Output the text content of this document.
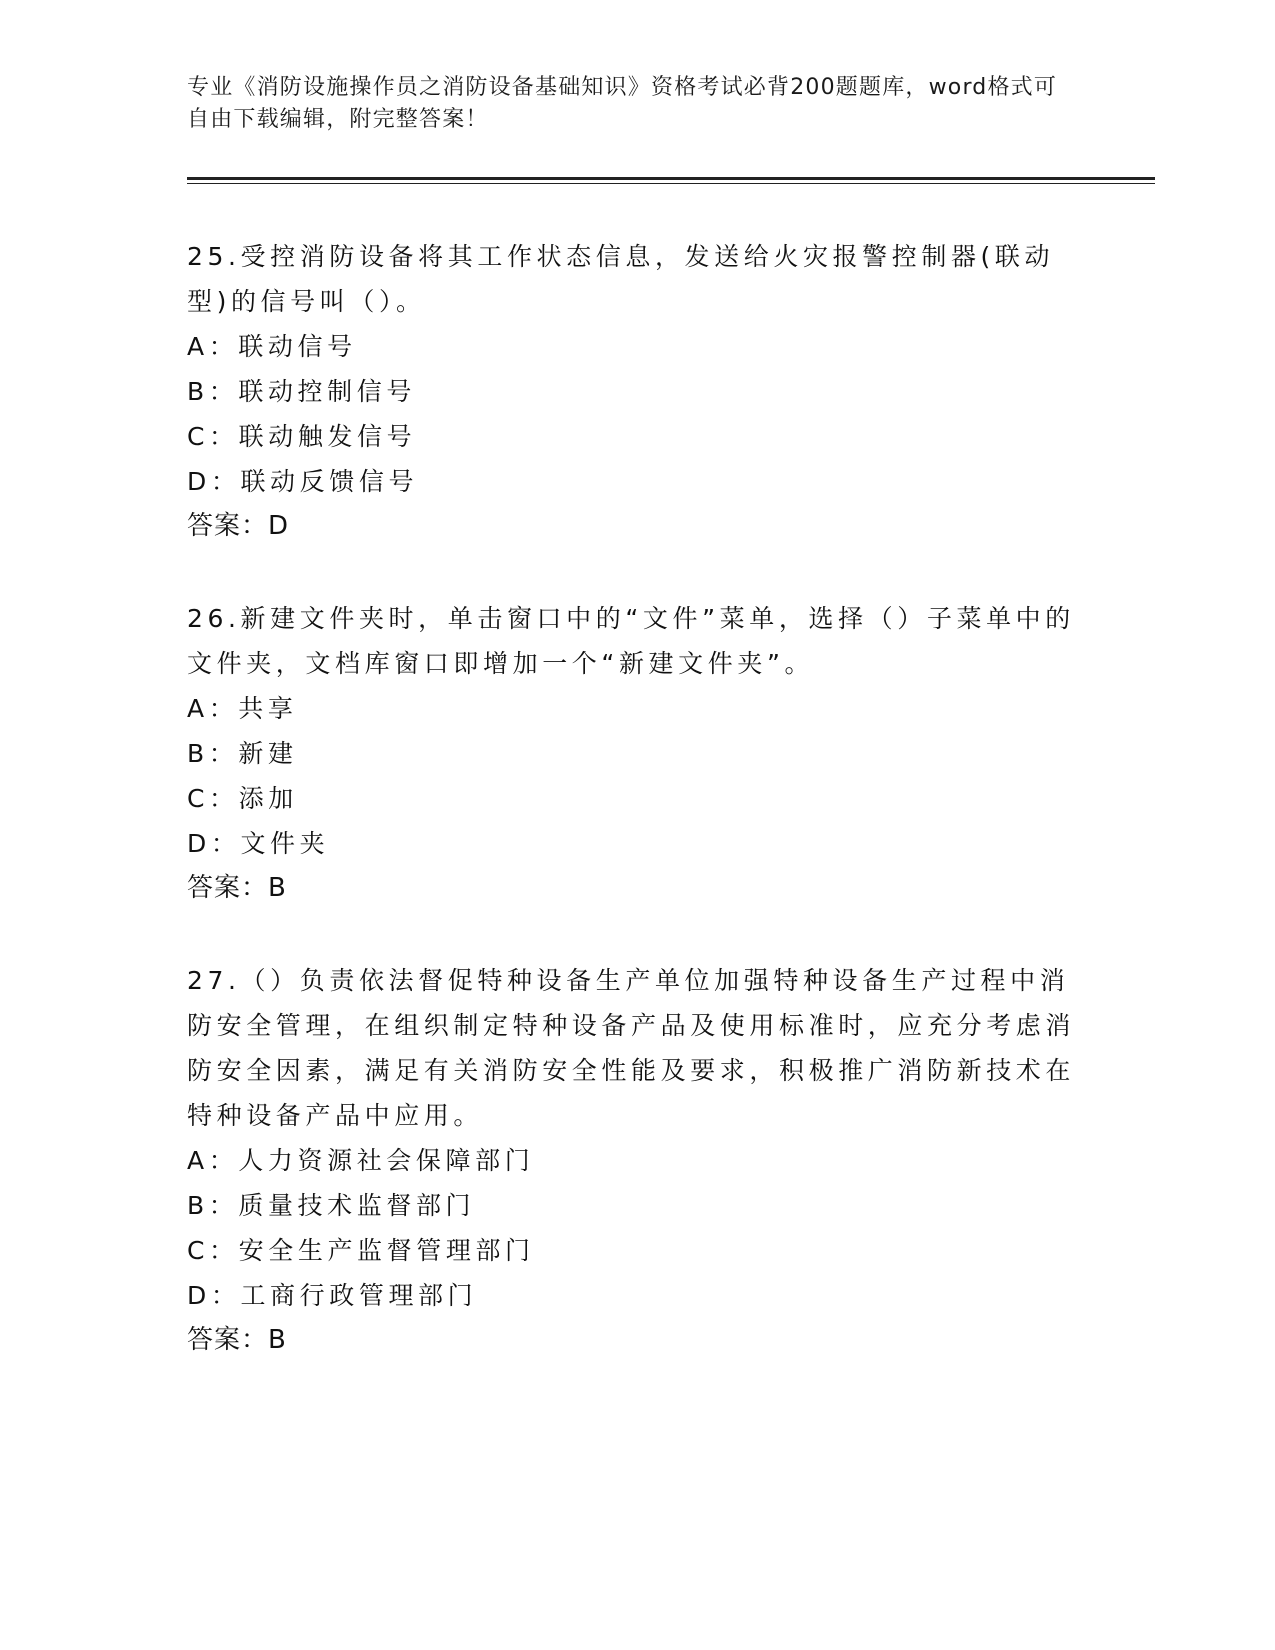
专业《消防设施操作员之消防设备基础知识》资格考试必背200题题库，word格式可自由下载编辑，附完整答案！

25.受控消防设备将其工作状态信息，发送给火灾报警控制器(联动型)的信号叫（）。

A：联动信号

B：联动控制信号

C：联动触发信号

D：联动反馈信号

答案：D

26.新建文件夹时，单击窗口中的“文件”菜单，选择（）子菜单中的文件夹，文档库窗口即增加一个“新建文件夹”。

A：共享

B：新建

C：添加

D：文件夹

答案：B

27.（）负责依法督促特种设备生产单位加强特种设备生产过程中消防安全管理，在组织制定特种设备产品及使用标准时，应充分考虑消防安全因素，满足有关消防安全性能及要求，积极推广消防新技术在特种设备产品中应用。

A：人力资源社会保障部门

B：质量技术监督部门

C：安全生产监督管理部门

D：工商行政管理部门

答案：B
